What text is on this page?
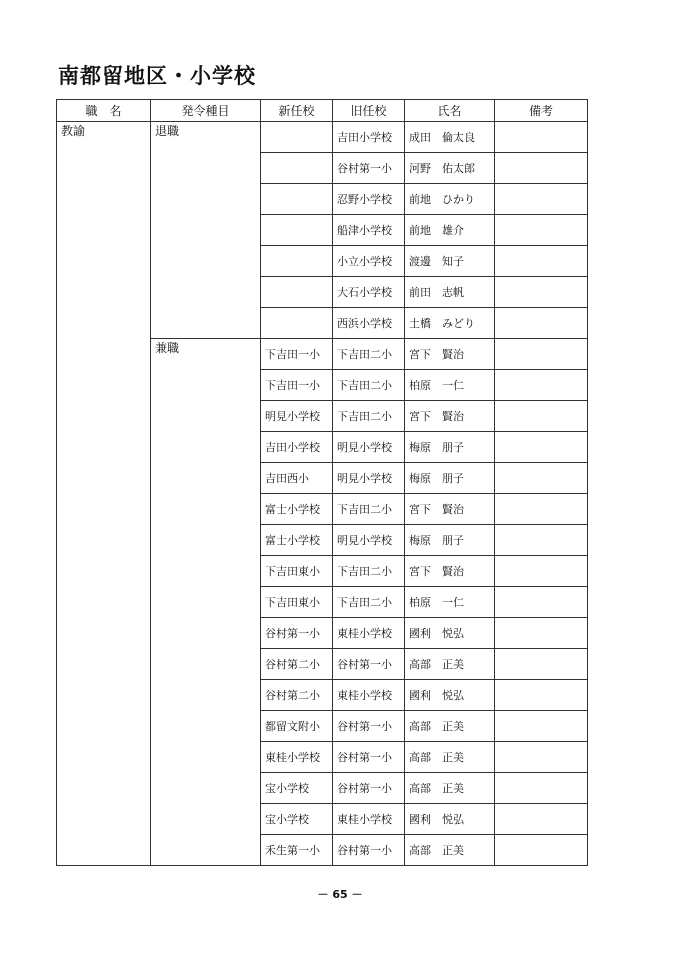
南都留地区・小学校
職　名	発令種目	新任校	旧任校	氏名	備考
教諭	退職		吉田小学校	成田　倫太良	
			谷村第一小	河野　佑太郎	
			忍野小学校	前地　ひかり	
			船津小学校	前地　雄介	
			小立小学校	渡邊　知子	
			大石小学校	前田　志帆	
			西浜小学校	土橋　みどり	
	兼職	下吉田一小	下吉田二小	宮下　賢治	
		下吉田一小	下吉田二小	柏原　一仁	
		明見小学校	下吉田二小	宮下　賢治	
		吉田小学校	明見小学校	梅原　朋子	
		吉田西小	明見小学校	梅原　朋子	
		富士小学校	下吉田二小	宮下　賢治	
		富士小学校	明見小学校	梅原　朋子	
		下吉田東小	下吉田二小	宮下　賢治	
		下吉田東小	下吉田二小	柏原　一仁	
		谷村第一小	東桂小学校	國利　悦弘	
		谷村第二小	谷村第一小	高部　正美	
		谷村第二小	東桂小学校	國利　悦弘	
		都留文附小	谷村第一小	高部　正美	
		東桂小学校	谷村第一小	高部　正美	
		宝小学校	谷村第一小	高部　正美	
		宝小学校	東桂小学校	國利　悦弘	
		禾生第一小	谷村第一小	高部　正美	
－ 65 －
